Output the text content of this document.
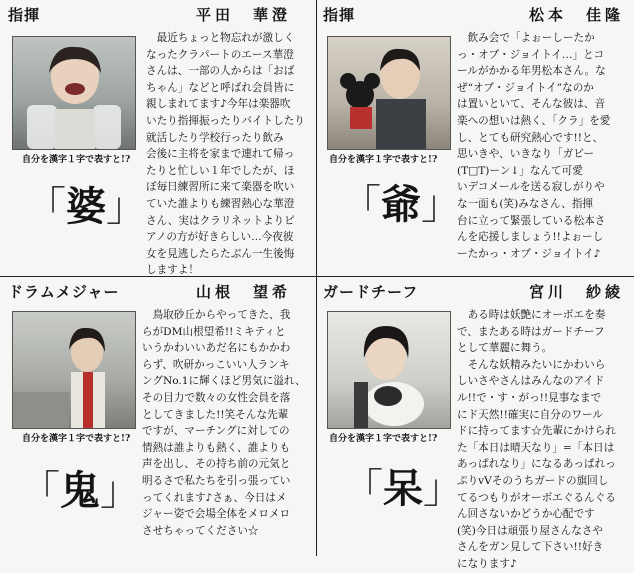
指揮	平田　華澄
自分を漢字１字で表すと!?
「婆」
　最近ちょっと物忘れが激しく
なったクラパートのエース華澄
さんは、一部の人からは「おば
ちゃん」などと呼ばれ会員皆に
親しまれてます♪今年は楽器吹
いたり指揮振ったりバイトしたり
就活したり学校行ったり飲み
会後に主将を家まで連れて帰っ
たりと忙しい１年でしたが、ほ
ぼ毎日練習所に来て楽器を吹い
ていた誰よりも練習熱心な華澄
さん、実はクラリネットよりピ
アノの方が好きらしい…今夜彼
女を見逃したらたぶん一生後悔
しますよ！
指揮	松本　佳隆
自分を漢字１字で表すと!?
「爺」
　飲み会で「よぉーしーたか
っ・オブ・ジョイトイ…」とコ
ールがかかる年男松本さん。な
ぜ“オブ・ジョイトイ”なのか
は置いといて、そんな彼は、音
楽への想いは熱く、「クラ」を愛
し、とても研究熱心です!!と、
思いきや、いきなり「ガビー
(T□T)ーン↓」なんて可愛
いデコメールを送る寂しがりや
な一面も(笑)みなさん、指揮
台に立って緊張している松本さ
んを応援しましょう!!よぉーし
ーたかっ・オブ・ジョイトイ♪
ドラムメジャー	山根　望希
自分を漢字１字で表すと!?
「鬼」
　鳥取砂丘からやってきた、我
らがDM山根望希!!ミキティと
いうかわいいあだ名にもかかわ
らず、吹研かっこいい人ランキ
ングNo.1に輝くほど男気に溢れ、
その目力で数々の女性会員を落
としてきました!!笑そんな先輩
ですが、マーチングに対しての
情熱は誰よりも熱く、誰よりも
声を出し、その持ち前の元気と
明るさで私たちを引っ張ってい
ってくれます♪さぁ、今日はメ
ジャー姿で会場全体をメロメロ
させちゃってください☆
ガードチーフ	宮川　紗綾
自分を漢字１字で表すと!?
「呆」
　ある時は妖艶にオーボエを奏
で、またある時はガードチーフ
として華麗に舞う。
　そんな妖精みたいにかわいら
しいさやさんはみんなのアイド
ル!!で・す・がっ!!見事なまで
にド天然!!確実に自分のワール
ドに持ってます☆先輩にかけられ
た「本日は晴天なり」=「本日は
あっぱれなり」になるあっぱれっ
ぷりvVそのうちガードの旗回し
てるつもりがオーボエぐるんぐる
ん回さないかどうか心配です
(笑)今日は頑張り屋さんなさや
さんをガン見して下さい!!好き
になります♪
